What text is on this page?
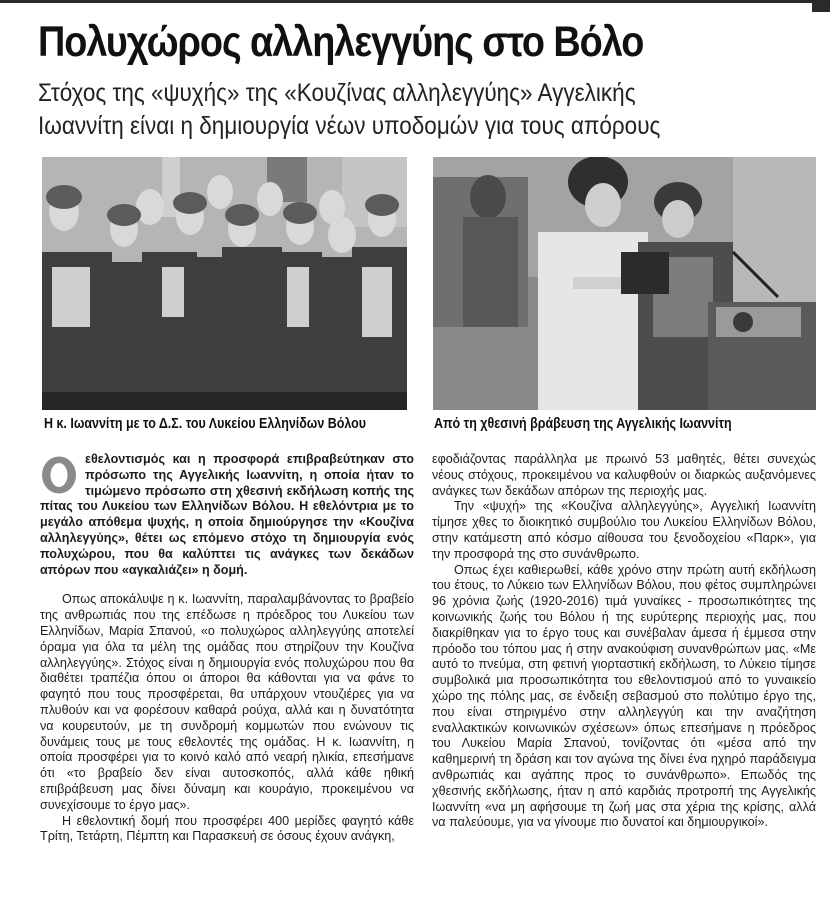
Πολυχώρος αλληλεγγύης στο Βόλο
Στόχος της «ψυχής» της «Κουζίνας αλληλεγγύης» Αγγελικής
Ιωαννίτη είναι η δημιουργία νέων υποδομών για τους απόρους
Η κ. Ιωαννίτη με το Δ.Σ. του Λυκείου Ελληνίδων Βόλου	Από τη χθεσινή βράβευση της Αγγελικής Ιωαννίτη

εθελοντισμός και η προσφορά επιβραβεύτηκαν στο πρόσωπο της Αγγελικής Ιωαννίτη, η οποία ήταν το τιμώμενο πρόσωπο στη χθεσινή εκδήλωση κοπής της πίτας του Λυκείου των Ελληνίδων Βόλου. Η εθελόντρια με το μεγάλο απόθεμα ψυχής, η οποία δημιούργησε την «Κουζίνα αλληλεγγύης», θέτει ως επόμενο στόχο τη δημιουργία ενός πολυχώρου, που θα καλύπτει τις ανάγκες των δεκάδων απόρων που «αγκαλιάζει» η δομή.

Οπως αποκάλυψε η κ. Ιωαννίτη, παραλαμβάνοντας το βραβείο της ανθρωπιάς που της επέδωσε η πρόεδρος του Λυκείου των Ελληνίδων, Μαρία Σπανού, «ο πολυχώρος αλληλεγγύης αποτελεί όραμα για όλα τα μέλη της ομάδας που στηρίζουν την Κουζίνα αλληλεγγύης». Στόχος είναι η δημιουργία ενός πολυχώρου που θα διαθέτει τραπέζια όπου οι άποροι θα κάθονται για να φάνε το φαγητό που τους προσφέρεται, θα υπάρχουν ντουζιέρες για να πλυθούν και να φορέσουν καθαρά ρούχα, αλλά και η δυνατότητα να κουρευτούν, με τη συνδρομή κομμωτών που ενώνουν τις δυνάμεις τους με τους εθελοντές της ομάδας. Η κ. Ιωαννίτη, η οποία προσφέρει για το κοινό καλό από νεαρή ηλικία, επεσήμανε ότι «το βραβείο δεν είναι αυτοσκοπός, αλλά κάθε ηθική επιβράβευση μας δίνει δύναμη και κουράγιο, προκειμένου να συνεχίσουμε το έργο μας».

Η εθελοντική δομή που προσφέρει 400 μερίδες φαγητό κάθε Τρίτη, Τετάρτη, Πέμπτη και Παρασκευή σε όσους έχουν ανάγκη,

εφοδιάζοντας παράλληλα με πρωινό 53 μαθητές, θέτει συνεχώς νέους στόχους, προκειμένου να καλυφθούν οι διαρκώς αυξανόμενες ανάγκες των δεκάδων απόρων της περιοχής μας.

Την «ψυχή» της «Κουζίνα αλληλεγγύης», Αγγελική Ιωαννίτη τίμησε χθες το διοικητικό συμβούλιο του Λυκείου Ελληνίδων Βόλου, στην κατάμεστη από κόσμο αίθουσα του ξενοδοχείου «Παρκ», για την προσφορά της στο συνάνθρωπο.

Οπως έχει καθιερωθεί, κάθε χρόνο στην πρώτη αυτή εκδήλωση του έτους, το Λύκειο των Ελληνίδων Βόλου, που φέτος συμπληρώνει 96 χρόνια ζωής (1920-2016) τιμά γυναίκες - προσωπικότητες της κοινωνικής ζωής του Βόλου ή της ευρύτερης περιοχής μας, που διακρίθηκαν για το έργο τους και συνέβαλαν άμεσα ή έμμεσα στην πρόοδο του τόπου μας ή στην ανακούφιση συνανθρώπων μας. «Με αυτό το πνεύμα, στη φετινή γιορταστική εκδήλωση, το Λύκειο τίμησε συμβολικά μια προσωπικότητα του εθελοντισμού από το γυναικείο χώρο της πόλης μας, σε ένδειξη σεβασμού στο πολύτιμο έργο της, που είναι στηριγμένο στην αλληλεγγύη και την αναζήτηση εναλλακτικών κοινωνικών σχέσεων» όπως επεσήμανε η πρόεδρος του Λυκείου Μαρία Σπανού, τονίζοντας ότι «μέσα από την καθημερινή τη δράση και τον αγώνα της δίνει ένα ηχηρό παράδειγμα ανθρωπιάς και αγάπης προς το συνάνθρωπο». Επωδός της χθεσινής εκδήλωσης, ήταν η από καρδιάς προτροπή της Αγγελικής Ιωαννίτη «να μη αφήσουμε τη ζωή μας στα χέρια της κρίσης, αλλά να παλεύουμε, για να γίνουμε πιο δυνατοί και δημιουργικοί».
